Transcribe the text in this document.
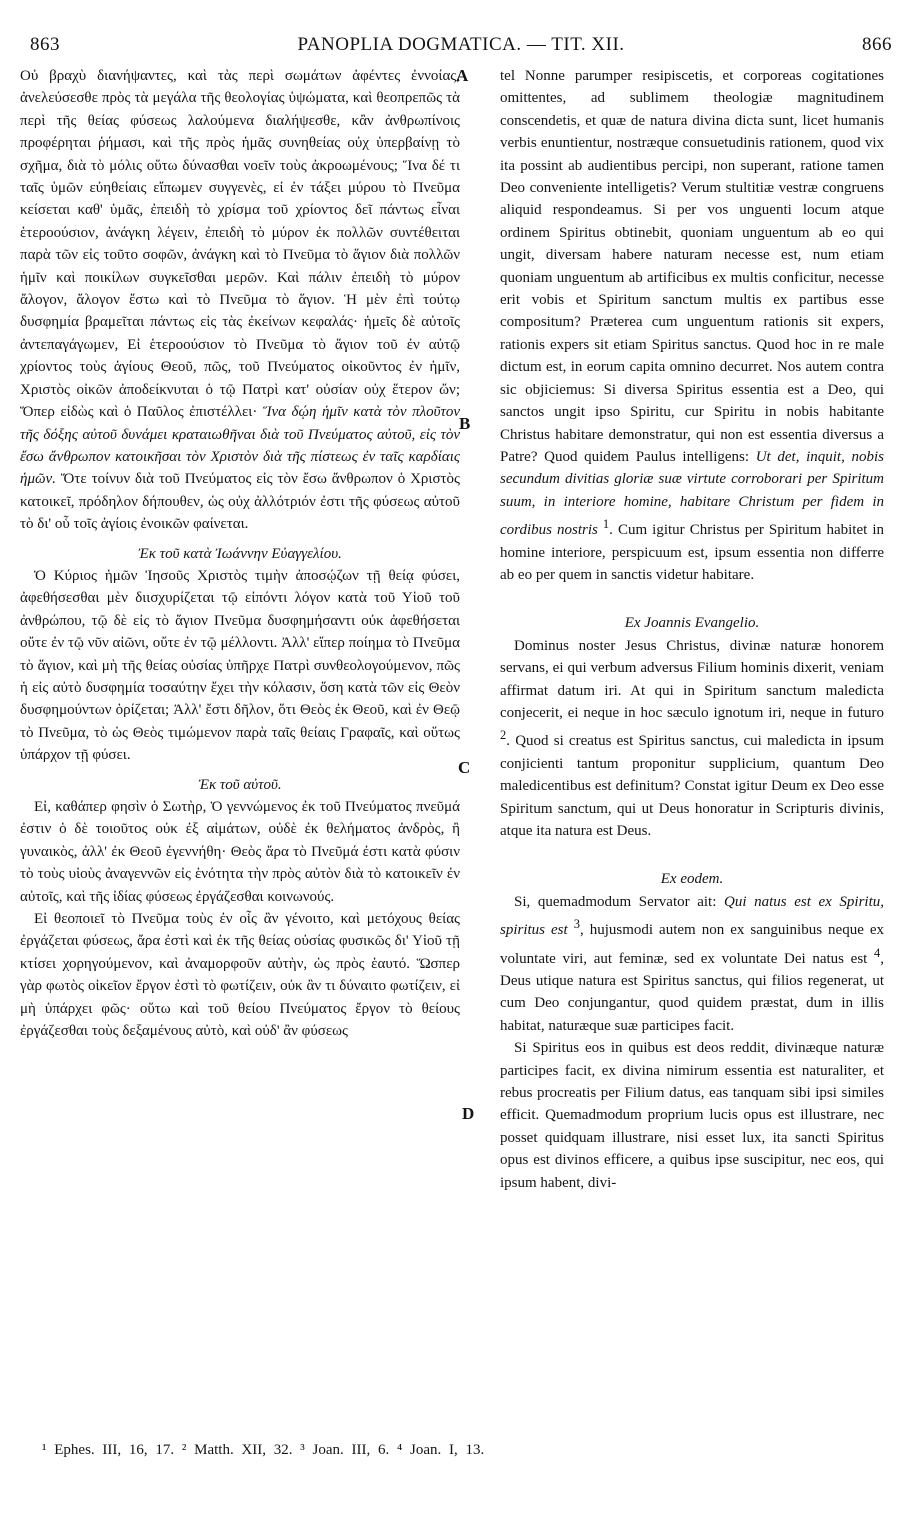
863	PANOPLIA DOGMATICA. — TIT. XII.	866
A
B
C
D

Οὐ βραχὺ διανήψαντες, καὶ τὰς περὶ σωμάτων ἀφέντες ἐννοίας, ἀνελεύσεσθε πρὸς τὰ μεγάλα τῆς θεολογίας ὑψώματα, καὶ θεοπρεπῶς τὰ περὶ τῆς θείας φύσεως λαλούμενα διαλήψεσθε, κἂν ἀνθρωπίνοις προφέρηται ῥήμασι, καὶ τῆς πρὸς ἡμᾶς συνηθείας οὐχ ὑπερβαίνῃ τὸ σχῆμα, διὰ τὸ μόλις οὕτω δύνασθαι νοεῖν τοὺς ἀκροωμένους; Ἵνα δέ τι ταῖς ὑμῶν εὐηθείαις εἴπωμεν συγγενὲς, εἰ ἐν τάξει μύρου τὸ Πνεῦμα κείσεται καθ' ὑμᾶς, ἐπειδὴ τὸ χρίσμα τοῦ χρίοντος δεῖ πάντως εἶναι ἑτεροούσιον, ἀνάγκη λέγειν, ἐπειδὴ τὸ μύρον ἐκ πολλῶν συντέθειται παρὰ τῶν εἰς τοῦτο σοφῶν, ἀνάγκη καὶ τὸ Πνεῦμα τὸ ἅγιον διὰ πολλῶν ἡμῖν καὶ ποικίλων συγκεῖσθαι μερῶν. Καὶ πάλιν ἐπειδὴ τὸ μύρον ἄλογον, ἄλογον ἔστω καὶ τὸ Πνεῦμα τὸ ἅγιον. Ἡ μὲν ἐπὶ τούτῳ δυσφημία βραμεῖται πάντως εἰς τὰς ἐκείνων κεφαλάς· ἡμεῖς δὲ αὐτοῖς ἀντεπαγάγωμεν, Εἰ ἑτεροούσιον τὸ Πνεῦμα τὸ ἅγιον τοῦ ἐν αὐτῷ χρίοντος τοὺς ἁγίους Θεοῦ, πῶς, τοῦ Πνεύματος οἰκοῦντος ἐν ἡμῖν, Χριστὸς οἰκῶν ἀποδείκνυται ὁ τῷ Πατρὶ κατ' οὐσίαν οὐχ ἕτερον ὤν; Ὅπερ εἰδὼς καὶ ὁ Παῦλος ἐπιστέλλει· Ἵνα δῴη ἡμῖν κατὰ τὸν πλοῦτον τῆς δόξης αὐτοῦ δυνάμει κραταιωθῆναι διὰ τοῦ Πνεύματος αὐτοῦ, εἰς τὸν ἔσω ἄνθρωπον κατοικῆσαι τὸν Χριστὸν διὰ τῆς πίστεως ἐν ταῖς καρδίαις ἡμῶν. Ὅτε τοίνυν διὰ τοῦ Πνεύματος εἰς τὸν ἔσω ἄνθρωπον ὁ Χριστὸς κατοικεῖ, πρόδηλον δήπουθεν, ὡς οὐχ ἀλλότριόν ἐστι τῆς φύσεως αὐτοῦ τὸ δι' οὗ τοῖς ἁγίοις ἐνοικῶν φαίνεται.

Ἐκ τοῦ κατὰ Ἰωάννην Εὐαγγελίου.

Ὁ Κύριος ἡμῶν Ἰησοῦς Χριστὸς τιμὴν ἀποσῴζων τῇ θείᾳ φύσει, ἀφεθήσεσθαι μὲν διισχυρίζεται τῷ εἰπόντι λόγον κατὰ τοῦ Υἱοῦ τοῦ ἀνθρώπου, τῷ δὲ εἰς τὸ ἅγιον Πνεῦμα δυσφημήσαντι οὐκ ἀφεθήσεται οὔτε ἐν τῷ νῦν αἰῶνι, οὔτε ἐν τῷ μέλλοντι. Ἀλλ' εἴπερ ποίημα τὸ Πνεῦμα τὸ ἅγιον, καὶ μὴ τῆς θείας οὐσίας ὑπῆρχε Πατρὶ συνθεολογούμενον, πῶς ἡ εἰς αὐτὸ δυσφημία τοσαύτην ἔχει τὴν κόλασιν, ὅση κατὰ τῶν εἰς Θεὸν δυσφημούντων ὁρίζεται; Ἀλλ' ἔστι δῆλον, ὅτι Θεὸς ἐκ Θεοῦ, καὶ ἐν Θεῷ τὸ Πνεῦμα, τὸ ὡς Θεὸς τιμώμενον παρὰ ταῖς θείαις Γραφαῖς, καὶ οὕτως ὑπάρχον τῇ φύσει.

Ἐκ τοῦ αὐτοῦ.

Εἰ, καθάπερ φησὶν ὁ Σωτὴρ, Ὁ γεννώμενος ἐκ τοῦ Πνεύματος πνεῦμά ἐστιν ὁ δὲ τοιοῦτος οὐκ ἐξ αἱμάτων, οὐδὲ ἐκ θελήματος ἀνδρὸς, ἢ γυναικὸς, ἀλλ' ἐκ Θεοῦ ἐγεννήθη· Θεὸς ἄρα τὸ Πνεῦμά ἐστι κατὰ φύσιν τὸ τοὺς υἱοὺς ἀναγεννῶν εἰς ἑνότητα τὴν πρὸς αὐτὸν διὰ τὸ κατοικεῖν ἐν αὐτοῖς, καὶ τῆς ἰδίας φύσεως ἐργάζεσθαι κοινωνούς.

Εἰ θεοποιεῖ τὸ Πνεῦμα τοὺς ἐν οἷς ἂν γένοιτο, καὶ μετόχους θείας ἐργάζεται φύσεως, ἄρα ἐστὶ καὶ ἐκ τῆς θείας οὐσίας φυσικῶς δι' Υἱοῦ τῇ κτίσει χορηγούμενον, καὶ ἀναμορφοῦν αὐτὴν, ὡς πρὸς ἑαυτό. Ὥσπερ γὰρ φωτὸς οἰκεῖον ἔργον ἐστὶ τὸ φωτίζειν, οὐκ ἂν τι δύναιτο φωτίζειν, εἰ μὴ ὑπάρχει φῶς· οὕτω καὶ τοῦ θείου Πνεύματος ἔργον τὸ θείους ἐργάζεσθαι τοὺς δεξαμένους αὐτὸ, καὶ οὐδ' ἂν φύσεως

tel Nonne parumper resipiscetis, et corporeas cogitationes omittentes, ad sublimem theologiæ magnitudinem conscendetis, et quæ de natura divina dicta sunt, licet humanis verbis enuntientur, nostræque consuetudinis rationem, quod vix ita possint ab audientibus percipi, non superant, ratione tamen Deo conveniente intelligetis? Verum stultitiæ vestræ congruens aliquid respondeamus. Si per vos unguenti locum atque ordinem Spiritus obtinebit, quoniam unguentum ab eo qui ungit, diversam habere naturam necesse est, num etiam quoniam unguentum ab artificibus ex multis conficitur, necesse erit vobis et Spiritum sanctum multis ex partibus esse compositum? Præterea cum unguentum rationis sit expers, rationis expers sit etiam Spiritus sanctus. Quod hoc in re male dictum est, in eorum capita omnino decurret. Nos autem contra sic objiciemus: Si diversa Spiritus essentia est a Deo, qui sanctos ungit ipso Spiritu, cur Spiritu in nobis habitante Christus habitare demonstratur, qui non est essentia diversus a Patre? Quod quidem Paulus intelligens: Ut det, inquit, nobis secundum divitias gloriæ suæ virtute corroborari per Spiritum suum, in interiore homine, habitare Christum per fidem in cordibus nostris $^1$. Cum igitur Christus per Spiritum habitet in homine interiore, perspicuum est, ipsum essentia non differre ab eo per quem in sanctis videtur habitare.

Ex Joannis Evangelio.

Dominus noster Jesus Christus, divinæ naturæ honorem servans, ei qui verbum adversus Filium hominis dixerit, veniam affirmat datum iri. At qui in Spiritum sanctum maledicta conjecerit, ei neque in hoc sæculo ignotum iri, neque in futuro $^2$. Quod si creatus est Spiritus sanctus, cui maledicta in ipsum conjicienti tantum proponitur supplicium, quantum Deo maledicentibus est definitum? Constat igitur Deum ex Deo esse Spiritum sanctum, qui ut Deus honoratur in Scripturis divinis, atque ita natura est Deus.

Ex eodem.

Si, quemadmodum Servator ait: Qui natus est ex Spiritu, spiritus est $^3$, hujusmodi autem non ex sanguinibus neque ex voluntate viri, aut feminæ, sed ex voluntate Dei natus est $^4$, Deus utique natura est Spiritus sanctus, qui filios regenerat, ut cum Deo conjungantur, quod quidem præstat, dum in illis habitat, naturæque suæ participes facit.

Si Spiritus eos in quibus est deos reddit, divinæque naturæ participes facit, ex divina nimirum essentia est naturaliter, et rebus procreatis per Filium datus, eas tanquam sibi ipsi similes efficit. Quemadmodum proprium lucis opus est illustrare, nec posset quidquam illustrare, nisi esset lux, ita sancti Spiritus opus est divinos efficere, a quibus ipse suscipitur, nec eos, qui ipsum habent, divi-

¹ Ephes. III, 16, 17. ² Matth. XII, 32. ³ Joan. III, 6. ⁴ Joan. I, 13.
